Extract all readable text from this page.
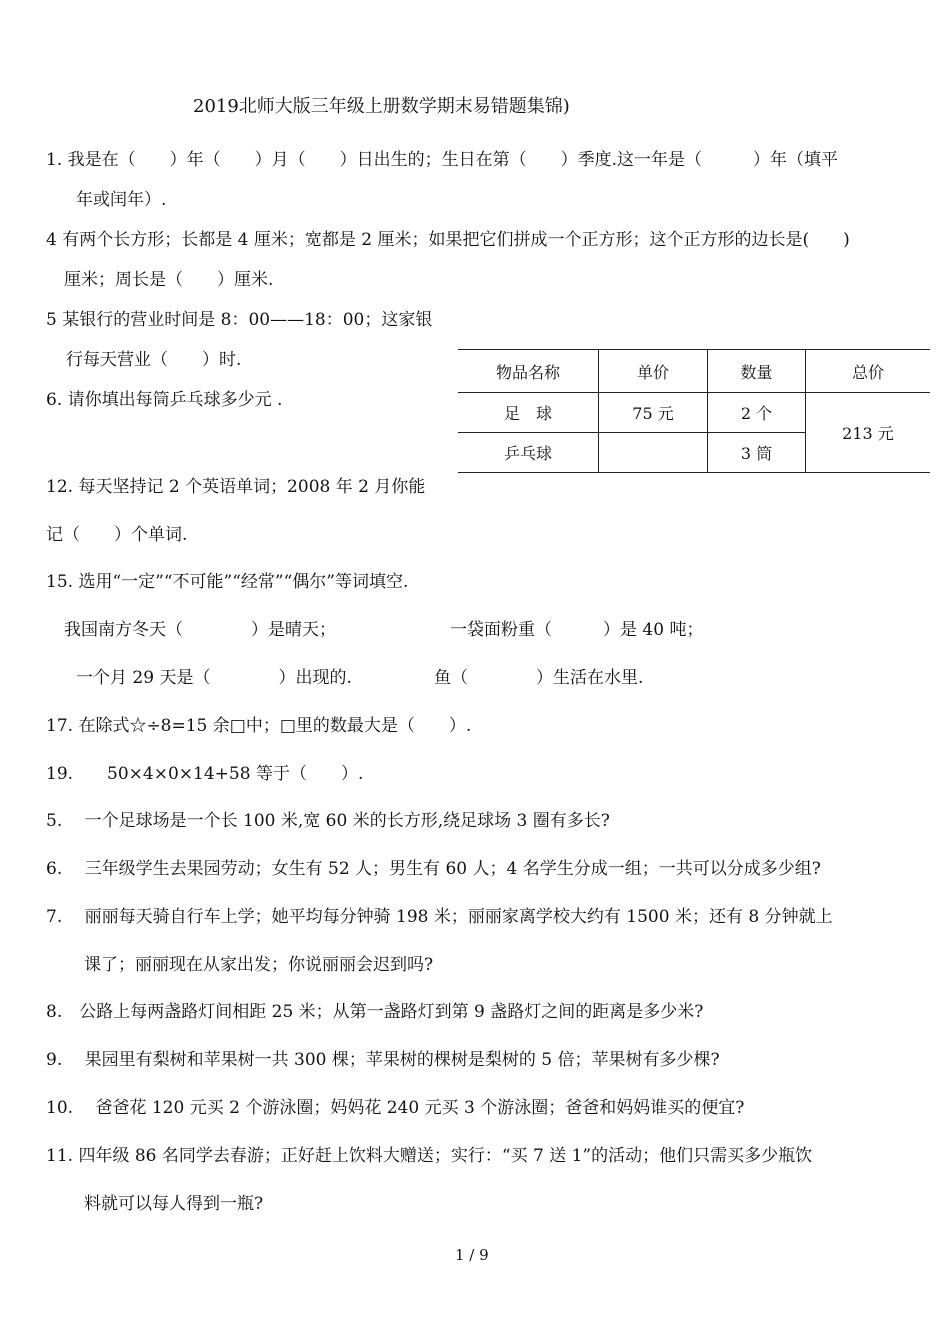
2019北师大版三年级上册数学期末易错题集锦)
1. 我是在（　　）年（　　）月（　　）日出生的；生日在第（　　）季度.这一年是（　　　）年（填平
年或闰年）.
4 有两个长方形；长都是 4 厘米；宽都是 2 厘米；如果把它们拼成一个正方形；这个正方形的边长是(　　)
厘米；周长是（　　）厘米.
5 某银行的营业时间是 8：00——18：00；这家银
行每天营业（　　）时.
6. 请你填出每筒乒乓球多少元 .
物品名称	单价	数量	总价
足　球	75 元	2 个	213 元
乒乓球		3 筒	
12. 每天坚持记 2 个英语单词；2008 年 2 月你能
记（　　）个单词.
15. 选用“一定”“不可能”“经常”“偶尔”等词填空.
我国南方冬天（　　　　）是晴天；	一袋面粉重（　　　）是 40 吨；
一个月 29 天是（　　　　）出现的.	鱼（　　　　）生活在水里.
17. 在除式☆÷8=15 余□中；□里的数最大是（　　）.
19.　　50×4×0×14+58 等于（　　）.
5.　 一个足球场是一个长 100 米,宽 60 米的长方形,绕足球场 3 圈有多长?
6.　 三年级学生去果园劳动；女生有 52 人；男生有 60 人；4 名学生分成一组；一共可以分成多少组?
7.　 丽丽每天骑自行车上学；她平均每分钟骑 198 米；丽丽家离学校大约有 1500 米；还有 8 分钟就上
课了；丽丽现在从家出发；你说丽丽会迟到吗?
8.　公路上每两盏路灯间相距 25 米；从第一盏路灯到第 9 盏路灯之间的距离是多少米?
9.　 果园里有梨树和苹果树一共 300 棵；苹果树的棵树是梨树的 5 倍；苹果树有多少棵?
10.　 爸爸花 120 元买 2 个游泳圈；妈妈花 240 元买 3 个游泳圈；爸爸和妈妈谁买的便宜?
11. 四年级 86 名同学去春游；正好赶上饮料大赠送；实行：“买 7 送 1”的活动；他们只需买多少瓶饮
料就可以每人得到一瓶?
1 / 9
